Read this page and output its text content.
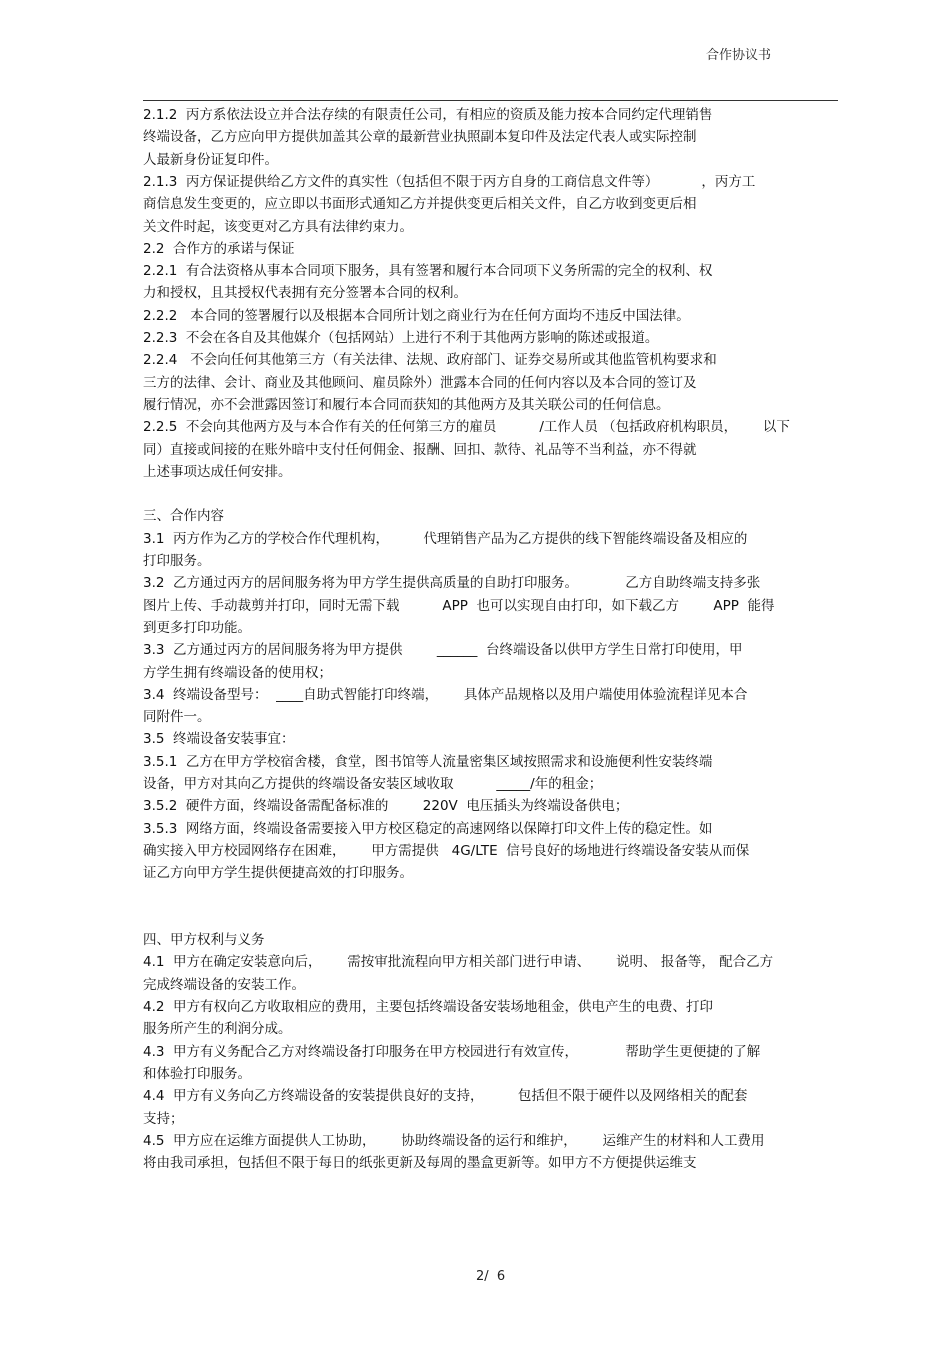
合作协议书
2.1.2  丙方系依法设立并合法存续的有限责任公司，有相应的资质及能力按本合同约定代理销售
终端设备，乙方应向甲方提供加盖其公章的最新营业执照副本复印件及法定代表人或实际控制
人最新身份证复印件。
2.1.3  丙方保证提供给乙方文件的真实性（包括但不限于丙方自身的工商信息文件等）          ，丙方工
商信息发生变更的，应立即以书面形式通知乙方并提供变更后相关文件，自乙方收到变更后相
关文件时起，该变更对乙方具有法律约束力。
2.2  合作方的承诺与保证
2.2.1  有合法资格从事本合同项下服务，具有签署和履行本合同项下义务所需的完全的权利、权
力和授权，且其授权代表拥有充分签署本合同的权利。
2.2.2   本合同的签署履行以及根据本合同所计划之商业行为在任何方面均不违反中国法律。
2.2.3  不会在各自及其他媒介（包括网站）上进行不利于其他两方影响的陈述或报道。
2.2.4   不会向任何其他第三方（有关法律、法规、政府部门、证券交易所或其他监管机构要求和
三方的法律、会计、商业及其他顾问、雇员除外）泄露本合同的任何内容以及本合同的签订及
履行情况，亦不会泄露因签订和履行本合同而获知的其他两方及其关联公司的任何信息。
2.2.5  不会向其他两方及与本合作有关的任何第三方的雇员          /工作人员 （包括政府机构职员，      以下
同）直接或间接的在账外暗中支付任何佣金、报酬、回扣、款待、礼品等不当利益，亦不得就
上述事项达成任何安排。
三、合作内容
3.1  丙方作为乙方的学校合作代理机构，        代理销售产品为乙方提供的线下智能终端设备及相应的
打印服务。
3.2  乙方通过丙方的居间服务将为甲方学生提供高质量的自助打印服务。           乙方自助终端支持多张
图片上传、手动裁剪并打印，同时无需下载          APP  也可以实现自由打印，如下载乙方        APP  能得
到更多打印功能。
3.3  乙方通过丙方的居间服务将为甲方提供        ______  台终端设备以供甲方学生日常打印使用，甲
方学生拥有终端设备的使用权；
3.4  终端设备型号：  ____自助式智能打印终端，      具体产品规格以及用户端使用体验流程详见本合
同附件一。
3.5  终端设备安装事宜：
3.5.1  乙方在甲方学校宿舍楼，食堂，图书馆等人流量密集区域按照需求和设施便利性安装终端
设备，甲方对其向乙方提供的终端设备安装区域收取          _____/年的租金；
3.5.2  硬件方面，终端设备需配备标准的        220V  电压插头为终端设备供电；
3.5.3  网络方面，终端设备需要接入甲方校区稳定的高速网络以保障打印文件上传的稳定性。如
确实接入甲方校园网络存在困难，      甲方需提供   4G/LTE  信号良好的场地进行终端设备安装从而保
证乙方向甲方学生提供便捷高效的打印服务。
四、甲方权利与义务
4.1  甲方在确定安装意向后，      需按审批流程向甲方相关部门进行申请、      说明、 报备等， 配合乙方
完成终端设备的安装工作。
4.2  甲方有权向乙方收取相应的费用，主要包括终端设备安装场地租金，供电产生的电费、打印
服务所产生的利润分成。
4.3  甲方有义务配合乙方对终端设备打印服务在甲方校园进行有效宣传，           帮助学生更便捷的了解
和体验打印服务。
4.4  甲方有义务向乙方终端设备的安装提供良好的支持，        包括但不限于硬件以及网络相关的配套
支持；
4.5  甲方应在运维方面提供人工协助，      协助终端设备的运行和维护，      运维产生的材料和人工费用
将由我司承担，包括但不限于每日的纸张更新及每周的墨盒更新等。如甲方不方便提供运维支
2/  6
